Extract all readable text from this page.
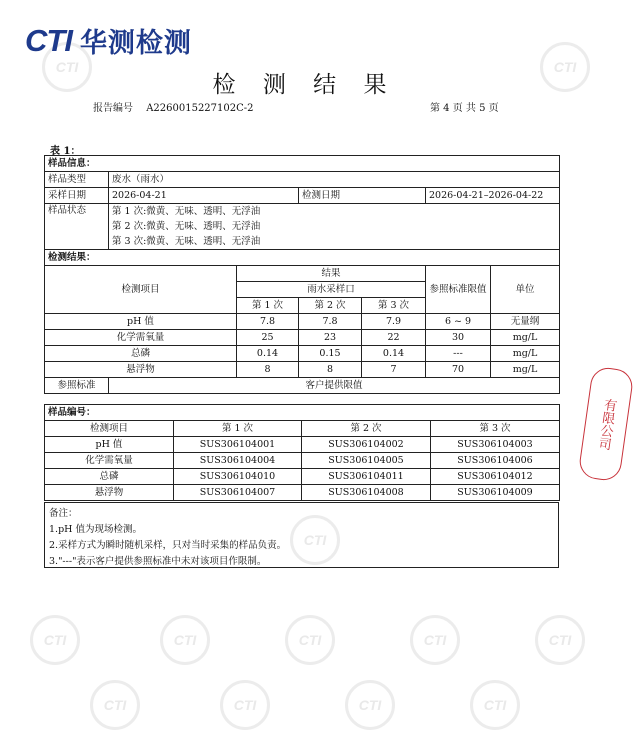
CTI	CTI
CTI
CTI	CTI	CTI	CTI	CTI
CTI	CTI	CTI	CTI
CTI 华测检测
检 测 结 果
报告编号 A2260015227102C-2	第 4 页 共 5 页
表 1：
样品信息：						
样品类型	废水（雨水）					
采样日期	2026-04-21		检测日期		2026-04-21–2026-04-22	
样品状态	第 1 次:微黄、无味、透明、无浮油					
	第 2 次:微黄、无味、透明、无浮油					
	第 3 次:微黄、无味、透明、无浮油					
检测结果：						
检测项目		结果			参照标准限值	单位
		雨水采样口				
		第 1 次	第 2 次	第 3 次		
pH 值		7.8	7.8	7.9	6 ~ 9	无量纲
化学需氧量		25	23	22	30	mg/L
总磷		0.14	0.15	0.14	---	mg/L
悬浮物		8	8	7	70	mg/L
参照标准	客户提供限值					
样品编号：			
检测项目	第 1 次	第 2 次	第 3 次
pH 值	SUS306104001	SUS306104002	SUS306104003
化学需氧量	SUS306104004	SUS306104005	SUS306104006
总磷	SUS306104010	SUS306104011	SUS306104012
悬浮物	SUS306104007	SUS306104008	SUS306104009
备注：
1.pH 值为现场检测。
2.采样方式为瞬时随机采样，只对当时采集的样品负责。
3."---"表示客户提供参照标准中未对该项目作限制。
有限公司
